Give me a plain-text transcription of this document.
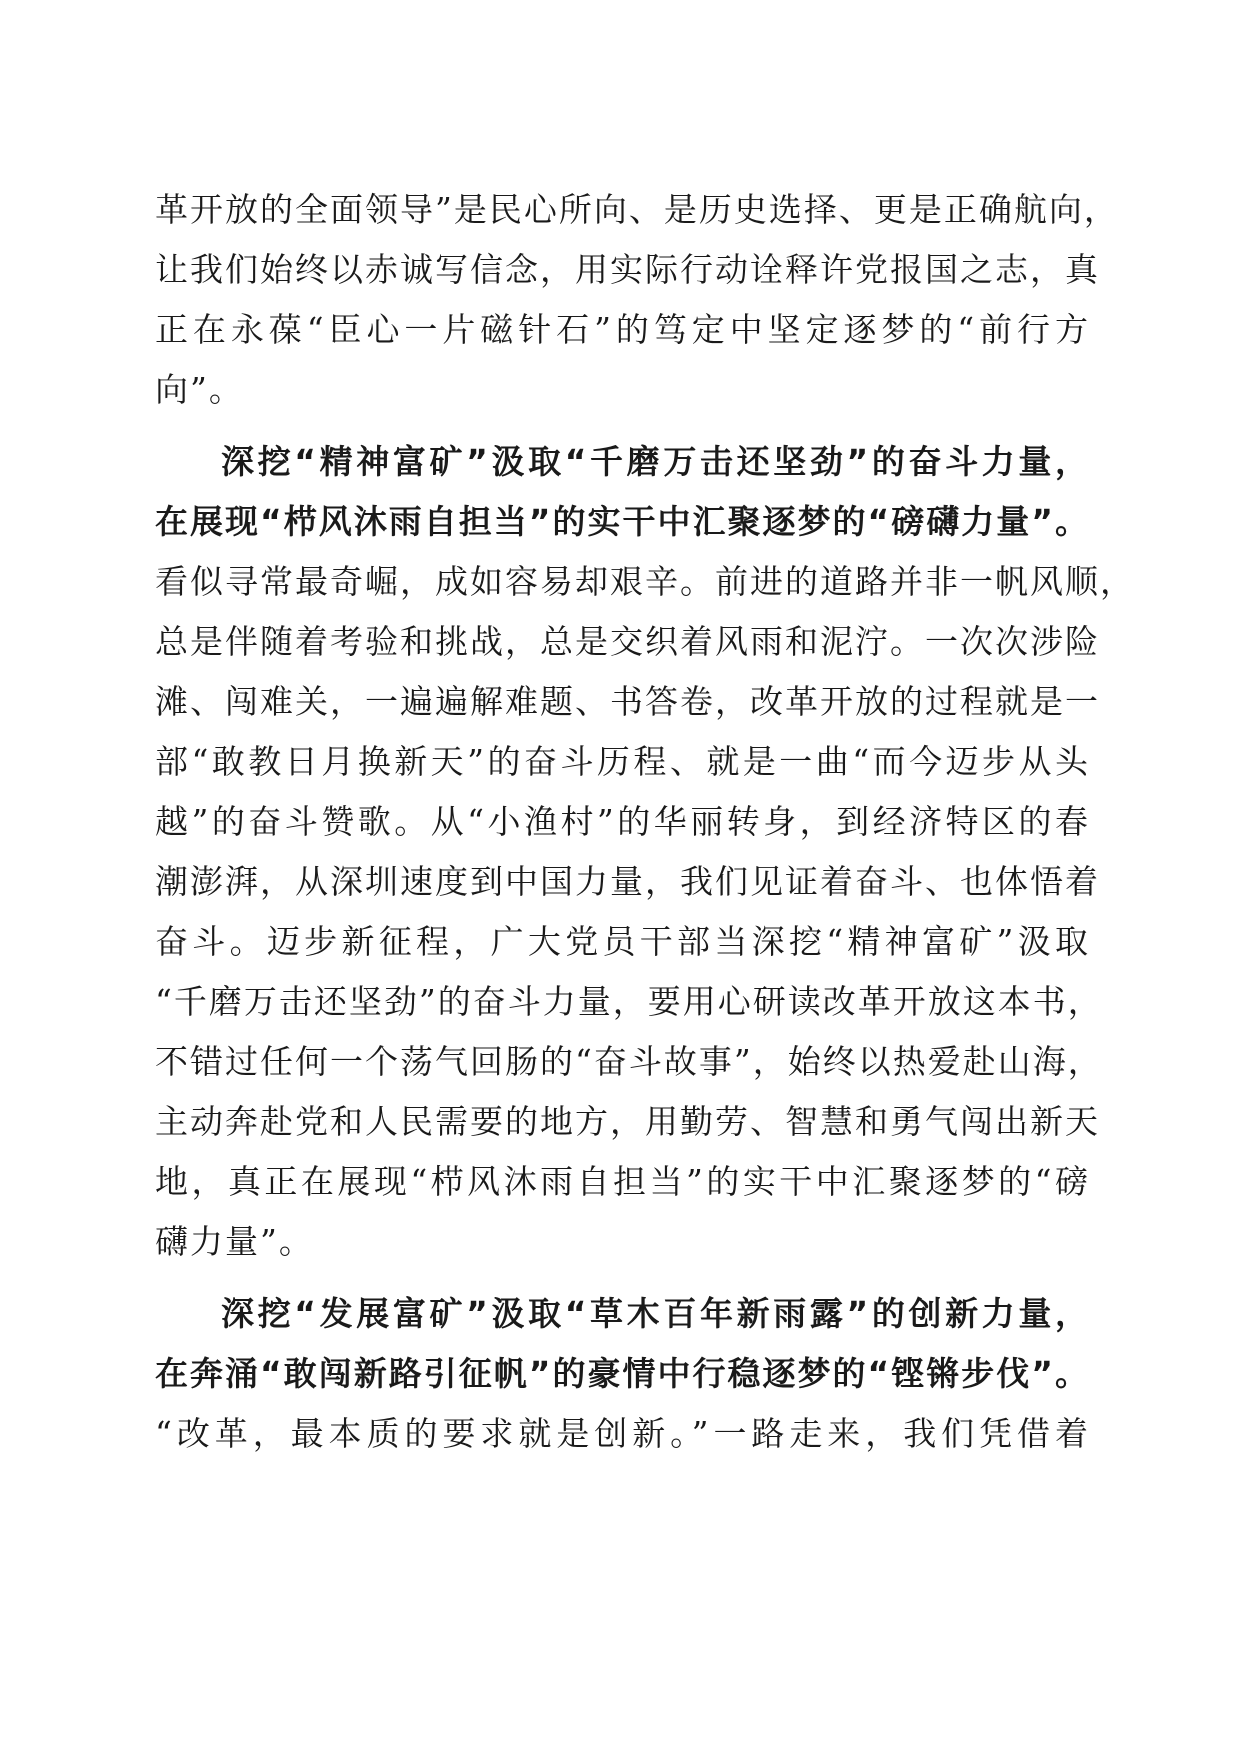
革开放的全面领导”是民心所向、是历史选择、更是正确航向，
让我们始终以赤诚写信念，用实际行动诠释许党报国之志，真
正在永葆“臣心一片磁针石”的笃定中坚定逐梦的“前行方
向”。
深挖“精神富矿”汲取“千磨万击还坚劲”的奋斗力量，
在展现“栉风沐雨自担当”的实干中汇聚逐梦的“磅礴力量”。
看似寻常最奇崛，成如容易却艰辛。前进的道路并非一帆风顺，
总是伴随着考验和挑战，总是交织着风雨和泥泞。一次次涉险
滩、闯难关，一遍遍解难题、书答卷，改革开放的过程就是一
部“敢教日月换新天”的奋斗历程、就是一曲“而今迈步从头
越”的奋斗赞歌。从“小渔村”的华丽转身，到经济特区的春
潮澎湃，从深圳速度到中国力量，我们见证着奋斗、也体悟着
奋斗。迈步新征程，广大党员干部当深挖“精神富矿”汲取
“千磨万击还坚劲”的奋斗力量，要用心研读改革开放这本书，
不错过任何一个荡气回肠的“奋斗故事”，始终以热爱赴山海，
主动奔赴党和人民需要的地方，用勤劳、智慧和勇气闯出新天
地，真正在展现“栉风沐雨自担当”的实干中汇聚逐梦的“磅
礴力量”。
深挖“发展富矿”汲取“草木百年新雨露”的创新力量，
在奔涌“敢闯新路引征帆”的豪情中行稳逐梦的“铿锵步伐”。
“改革，最本质的要求就是创新。”一路走来，我们凭借着
